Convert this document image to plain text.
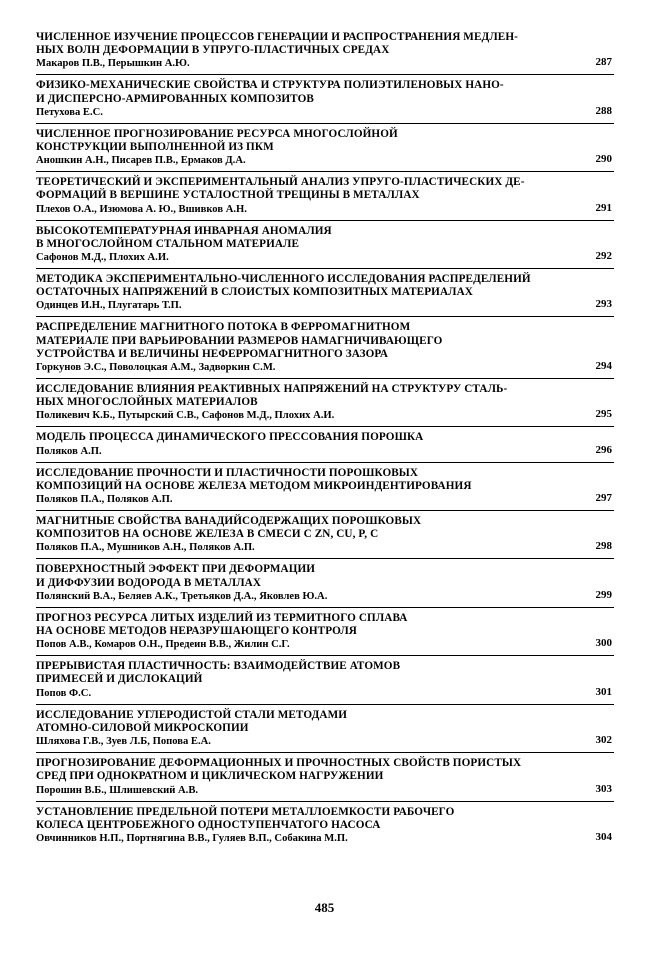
ЧИСЛЕННОЕ ИЗУЧЕНИЕ ПРОЦЕССОВ ГЕНЕРАЦИИ И РАСПРОСТРАНЕНИЯ МЕДЛЕН-
НЫХ ВОЛН ДЕФОРМАЦИИ В УПРУГО-ПЛАСТИЧНЫХ СРЕДАХ
Макаров П.В., Перышкин А.Ю.	287
ФИЗИКО-МЕХАНИЧЕСКИЕ СВОЙСТВА И СТРУКТУРА ПОЛИЭТИЛЕНОВЫХ НАНО-
И ДИСПЕРСНО-АРМИРОВАННЫХ КОМПОЗИТОВ
Петухова Е.С.	288
ЧИСЛЕННОЕ ПРОГНОЗИРОВАНИЕ РЕСУРСА МНОГОСЛОЙНОЙ
КОНСТРУКЦИИ ВЫПОЛНЕННОЙ ИЗ ПКМ
Аношкин А.Н., Писарев П.В., Ермаков Д.А.	290
ТЕОРЕТИЧЕСКИЙ И ЭКСПЕРИМЕНТАЛЬНЫЙ АНАЛИЗ УПРУГО-ПЛАСТИЧЕСКИХ ДЕ-
ФОРМАЦИЙ В ВЕРШИНЕ УСТАЛОСТНОЙ ТРЕЩИНЫ В МЕТАЛЛАХ
Плехов О.А., Изюмова А. Ю., Вшивков А.Н.	291
ВЫСОКОТЕМПЕРАТУРНАЯ ИНВАРНАЯ АНОМАЛИЯ
В МНОГОСЛОЙНОМ СТАЛЬНОМ МАТЕРИАЛЕ
Сафонов М.Д., Плохих А.И.	292
МЕТОДИКА ЭКСПЕРИМЕНТАЛЬНО-ЧИСЛЕННОГО ИССЛЕДОВАНИЯ РАСПРЕДЕЛЕНИЙ
ОСТАТОЧНЫХ НАПРЯЖЕНИЙ В СЛОИСТЫХ КОМПОЗИТНЫХ МАТЕРИАЛАХ
Одинцев И.Н., Плугатарь Т.П.	293
РАСПРЕДЕЛЕНИЕ МАГНИТНОГО ПОТОКА В ФЕРРОМАГНИТНОМ
МАТЕРИАЛЕ ПРИ ВАРЬИРОВАНИИ РАЗМЕРОВ НАМАГНИЧИВАЮЩЕГО
УСТРОЙСТВА И ВЕЛИЧИНЫ НЕФЕРРОМАГНИТНОГО ЗАЗОРА
Горкунов Э.С., Поволоцкая А.М., Задворкин С.М.	294
ИССЛЕДОВАНИЕ ВЛИЯНИЯ РЕАКТИВНЫХ НАПРЯЖЕНИЙ НА СТРУКТУРУ СТАЛЬ-
НЫХ МНОГОСЛОЙНЫХ МАТЕРИАЛОВ
Поликевич К.Б., Путырский С.В., Сафонов М.Д., Плохих А.И.	295
МОДЕЛЬ ПРОЦЕССА ДИНАМИЧЕСКОГО ПРЕССОВАНИЯ ПОРОШКА
Поляков А.П.	296
ИССЛЕДОВАНИЕ ПРОЧНОСТИ И ПЛАСТИЧНОСТИ ПОРОШКОВЫХ
КОМПОЗИЦИЙ НА ОСНОВЕ ЖЕЛЕЗА МЕТОДОМ МИКРОИНДЕНТИРОВАНИЯ
Поляков П.А., Поляков А.П.	297
МАГНИТНЫЕ СВОЙСТВА ВАНАДИЙСОДЕРЖАЩИХ ПОРОШКОВЫХ
КОМПОЗИТОВ НА ОСНОВЕ ЖЕЛЕЗА В СМЕСИ С ZN, CU, P, C
Поляков П.А., Мушников А.Н., Поляков А.П.	298
ПОВЕРХНОСТНЫЙ ЭФФЕКТ ПРИ ДЕФОРМАЦИИ
И ДИФФУЗИИ ВОДОРОДА В МЕТАЛЛАХ
Полянский В.А., Беляев А.К., Третьяков Д.А., Яковлев Ю.А.	299
ПРОГНОЗ РЕСУРСА ЛИТЫХ ИЗДЕЛИЙ ИЗ ТЕРМИТНОГО СПЛАВА
НА ОСНОВЕ МЕТОДОВ НЕРАЗРУШАЮЩЕГО КОНТРОЛЯ
Попов А.В., Комаров О.Н., Предеин В.В., Жилин С.Г.	300
ПРЕРЫВИСТАЯ ПЛАСТИЧНОСТЬ: ВЗАИМОДЕЙСТВИЕ АТОМОВ
ПРИМЕСЕЙ И ДИСЛОКАЦИЙ
Попов Ф.С.	301
ИССЛЕДОВАНИЕ УГЛЕРОДИСТОЙ СТАЛИ МЕТОДАМИ
АТОМНО-СИЛОВОЙ МИКРОСКОПИИ
Шляхова Г.В., Зуев Л.Б, Попова Е.А.	302
ПРОГНОЗИРОВАНИЕ ДЕФОРМАЦИОННЫХ И ПРОЧНОСТНЫХ СВОЙСТВ ПОРИСТЫХ
СРЕД ПРИ ОДНОКРАТНОМ И ЦИКЛИЧЕСКОМ НАГРУЖЕНИИ
Порошин В.Б., Шлишевский А.В.	303
УСТАНОВЛЕНИЕ ПРЕДЕЛЬНОЙ ПОТЕРИ МЕТАЛЛОЕМКОСТИ РАБОЧЕГО
КОЛЕСА ЦЕНТРОБЕЖНОГО ОДНОСТУПЕНЧАТОГО НАСОСА
Овчинников Н.П., Портнягина В.В., Гуляев В.П., Собакина М.П.	304
485
